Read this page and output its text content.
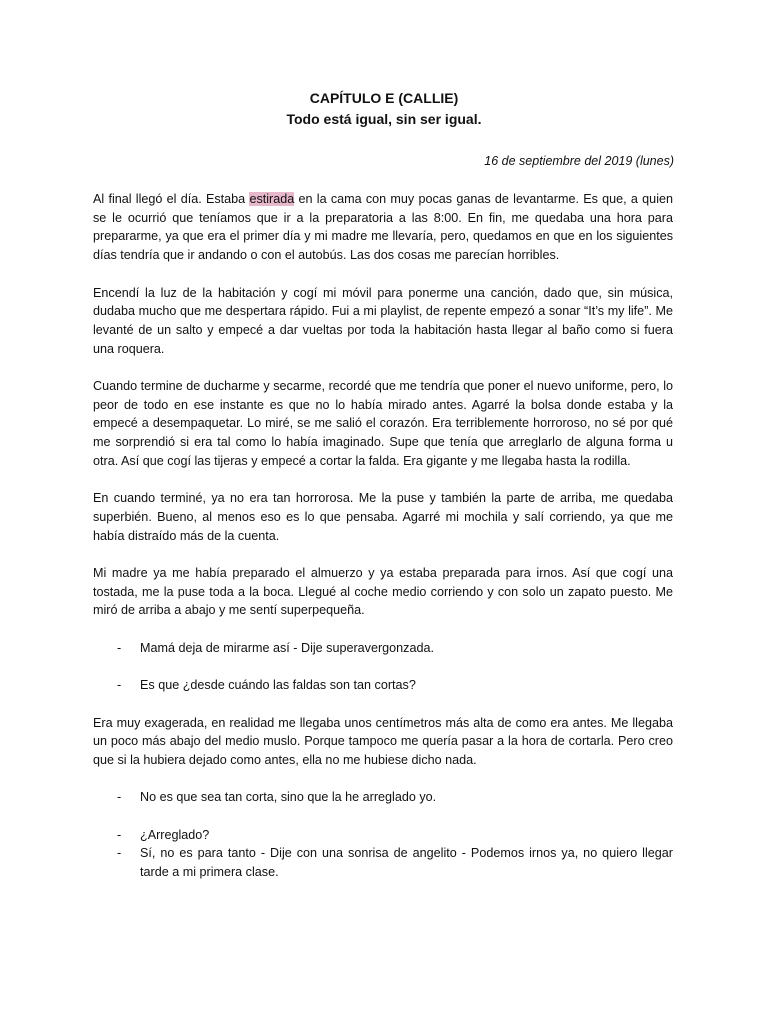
CAPÍTULO E (CALLIE)
Todo está igual, sin ser igual.
16 de septiembre del 2019 (lunes)

Al final llegó el día. Estaba estirada en la cama con muy pocas ganas de levantarme. Es que, a quien se le ocurrió que teníamos que ir a la preparatoria a las 8:00. En fin, me quedaba una hora para prepararme, ya que era el primer día y mi madre me llevaría, pero, quedamos en que en los siguientes días tendría que ir andando o con el autobús. Las dos cosas me parecían horribles.

Encendí la luz de la habitación y cogí mi móvil para ponerme una canción, dado que, sin música, dudaba mucho que me despertara rápido. Fui a mi playlist, de repente empezó a sonar “It’s my life”. Me levanté de un salto y empecé a dar vueltas por toda la habitación hasta llegar al baño como si fuera una roquera.

Cuando termine de ducharme y secarme, recordé que me tendría que poner el nuevo uniforme, pero, lo peor de todo en ese instante es que no lo había mirado antes. Agarré la bolsa donde estaba y la empecé a desempaquetar. Lo miré, se me salió el corazón. Era terriblemente horroroso, no sé por qué me sorprendió si era tal como lo había imaginado. Supe que tenía que arreglarlo de alguna forma u otra. Así que cogí las tijeras y empecé a cortar la falda. Era gigante y me llegaba hasta la rodilla.

En cuando terminé, ya no era tan horrorosa. Me la puse y también la parte de arriba, me quedaba superbién. Bueno, al menos eso es lo que pensaba. Agarré mi mochila y salí corriendo, ya que me había distraído más de la cuenta.

Mi madre ya me había preparado el almuerzo y ya estaba preparada para irnos. Así que cogí una tostada, me la puse toda a la boca. Llegué al coche medio corriendo y con solo un zapato puesto. Me miró de arriba a abajo y me sentí superpequeña.

- Mamá deja de mirarme así - Dije superavergonzada.
- Es que ¿desde cuándo las faldas son tan cortas?

Era muy exagerada, en realidad me llegaba unos centímetros más alta de como era antes. Me llegaba un poco más abajo del medio muslo. Porque tampoco me quería pasar a la hora de cortarla. Pero creo que si la hubiera dejado como antes, ella no me hubiese dicho nada.

- No es que sea tan corta, sino que la he arreglado yo.
- ¿Arreglado?
- Sí, no es para tanto - Dije con una sonrisa de angelito - Podemos irnos ya, no quiero llegar tarde a mi primera clase.
